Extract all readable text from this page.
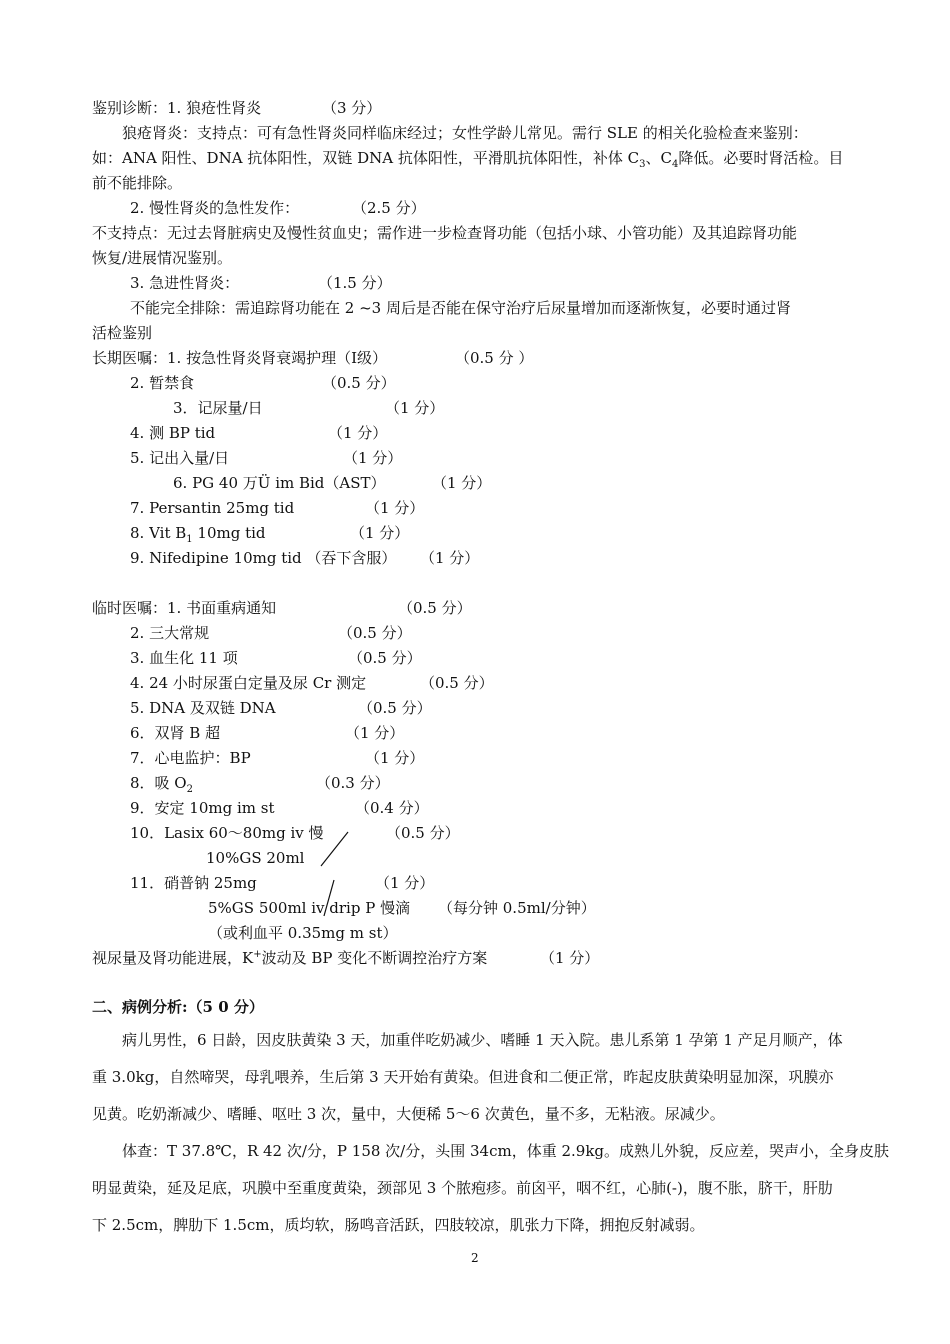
鉴别诊断：1. 狼疮性肾炎	（3 分）
狼疮肾炎：支持点：可有急性肾炎同样临床经过；女性学龄儿常见。需行 SLE 的相关化验检查来鉴别：
如：ANA 阳性、DNA 抗体阳性，双链 DNA 抗体阳性，平滑肌抗体阳性，补体 $C_3$、$C_4$降低。必要时肾活检。目
前不能排除。
2. 慢性肾炎的急性发作：	（2.5 分）
不支持点：无过去肾脏病史及慢性贫血史；需作进一步检查肾功能（包括小球、小管功能）及其追踪肾功能
恢复/进展情况鉴别。
3. 急进性肾炎：	（1.5 分）
不能完全排除：需追踪肾功能在 2 ~3 周后是否能在保守治疗后尿量增加而逐渐恢复，必要时通过肾
活检鉴别
长期医嘱：1. 按急性肾炎肾衰竭护理（Ⅰ级）	（0.5 分 ）
2. 暂禁食	（0.5 分）
3．记尿量/日	（1 分）
4. 测 BP tid	（1 分）
5. 记出入量/日	（1 分）
6. PG 40 万Ü im Bid（AST）	（1 分）
7. Persantin 25mg tid	（1 分）
8. Vit $B_1$ 10mg tid	（1 分）
9. Nifedipine 10mg tid （吞下含服） （1 分）
临时医嘱：1. 书面重病通知	（0.5 分）
2. 三大常规	（0.5 分）
3. 血生化 11 项	（0.5 分）
4. 24 小时尿蛋白定量及尿 Cr 测定	（0.5 分）
5. DNA 及双链 DNA	（0.5 分）
6．双肾 B 超	（1 分）
7．心电监护：BP	（1 分）
8．吸 $O_2$	（0.3 分）
9．安定 10mg im st	（0.4 分）
10．Lasix 60～80mg iv 慢	（0.5 分）
10%GS 20ml
11．硝普钠 25mg	（1 分）
5%GS 500ml iv drip P 慢滴 （每分钟 0.5ml/分钟）
（或利血平 0.35mg m st）
视尿量及肾功能进展，K+波动及 BP 变化不断调控治疗方案	（1 分）
二、病例分析:（5 0 分）
病儿男性，6 日龄，因皮肤黄染 3 天，加重伴吃奶减少、嗜睡 1 天入院。患儿系第 1 孕第 1 产足月顺产，体
重 3.0kg，自然啼哭，母乳喂养，生后第 3 天开始有黄染。但进食和二便正常，昨起皮肤黄染明显加深，巩膜亦
见黄。吃奶渐减少、嗜睡、呕吐 3 次，量中，大便稀 5～6 次黄色，量不多，无粘液。尿减少。
体查：T 37.8℃，R 42 次/分，P 158 次/分，头围 34cm，体重 2.9kg。成熟儿外貌，反应差，哭声小，全身皮肤
明显黄染，延及足底，巩膜中至重度黄染，颈部见 3 个脓疱疹。前囟平，咽不红，心肺(-)，腹不胀，脐干，肝肋
下 2.5cm，脾肋下 1.5cm，质均软，肠鸣音活跃，四肢较凉，肌张力下降，拥抱反射减弱。
2
